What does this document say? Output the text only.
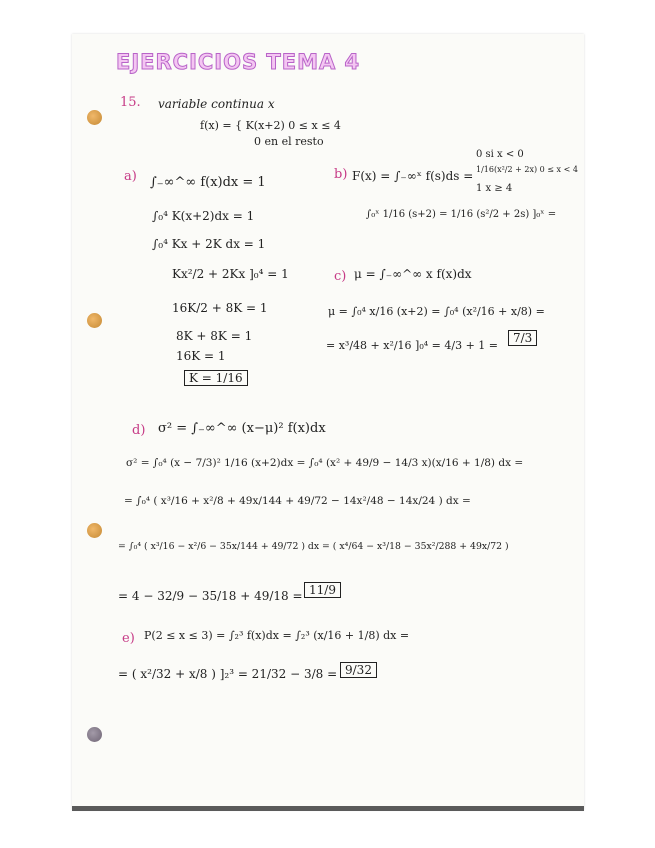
EJERCICIOS TEMA 4
15. variable continua x
f(x) = { K(x+2) 0 ≤ x ≤ 4
0 en el resto
a) ∫₋∞^∞ f(x)dx = 1
∫₀⁴ K(x+2)dx = 1
∫₀⁴ Kx + 2K dx = 1
Kx²/2 + 2Kx ]₀⁴ = 1
16K/2 + 8K = 1
8K + 8K = 1
16K = 1
K = 1/16
b) F(x) = ∫₋∞ˣ f(s)ds =
0 si x < 0
1/16(x²/2 + 2x) 0 ≤ x < 4
1 x ≥ 4
∫₀ˣ 1/16 (s+2) = 1/16 (s²/2 + 2s) ]₀ˣ =
c) μ = ∫₋∞^∞ x f(x)dx
μ = ∫₀⁴ x/16 (x+2) = ∫₀⁴ (x²/16 + x/8) =
= x³/48 + x²/16 ]₀⁴ = 4/3 + 1 =
7/3
d) σ² = ∫₋∞^∞ (x−μ)² f(x)dx
σ² = ∫₀⁴ (x − 7/3)² 1/16 (x+2)dx = ∫₀⁴ (x² + 49/9 − 14/3 x)(x/16 + 1/8) dx =
= ∫₀⁴ ( x³/16 + x²/8 + 49x/144 + 49/72 − 14x²/48 − 14x/24 ) dx =
= ∫₀⁴ ( x³/16 − x²/6 − 35x/144 + 49/72 ) dx = ( x⁴/64 − x³/18 − 35x²/288 + 49x/72 )
= 4 − 32/9 − 35/18 + 49/18 = 11/9
e) P(2 ≤ x ≤ 3) = ∫₂³ f(x)dx = ∫₂³ (x/16 + 1/8) dx =
= ( x²/32 + x/8 ) ]₂³ = 21/32 − 3/8 = 9/32
